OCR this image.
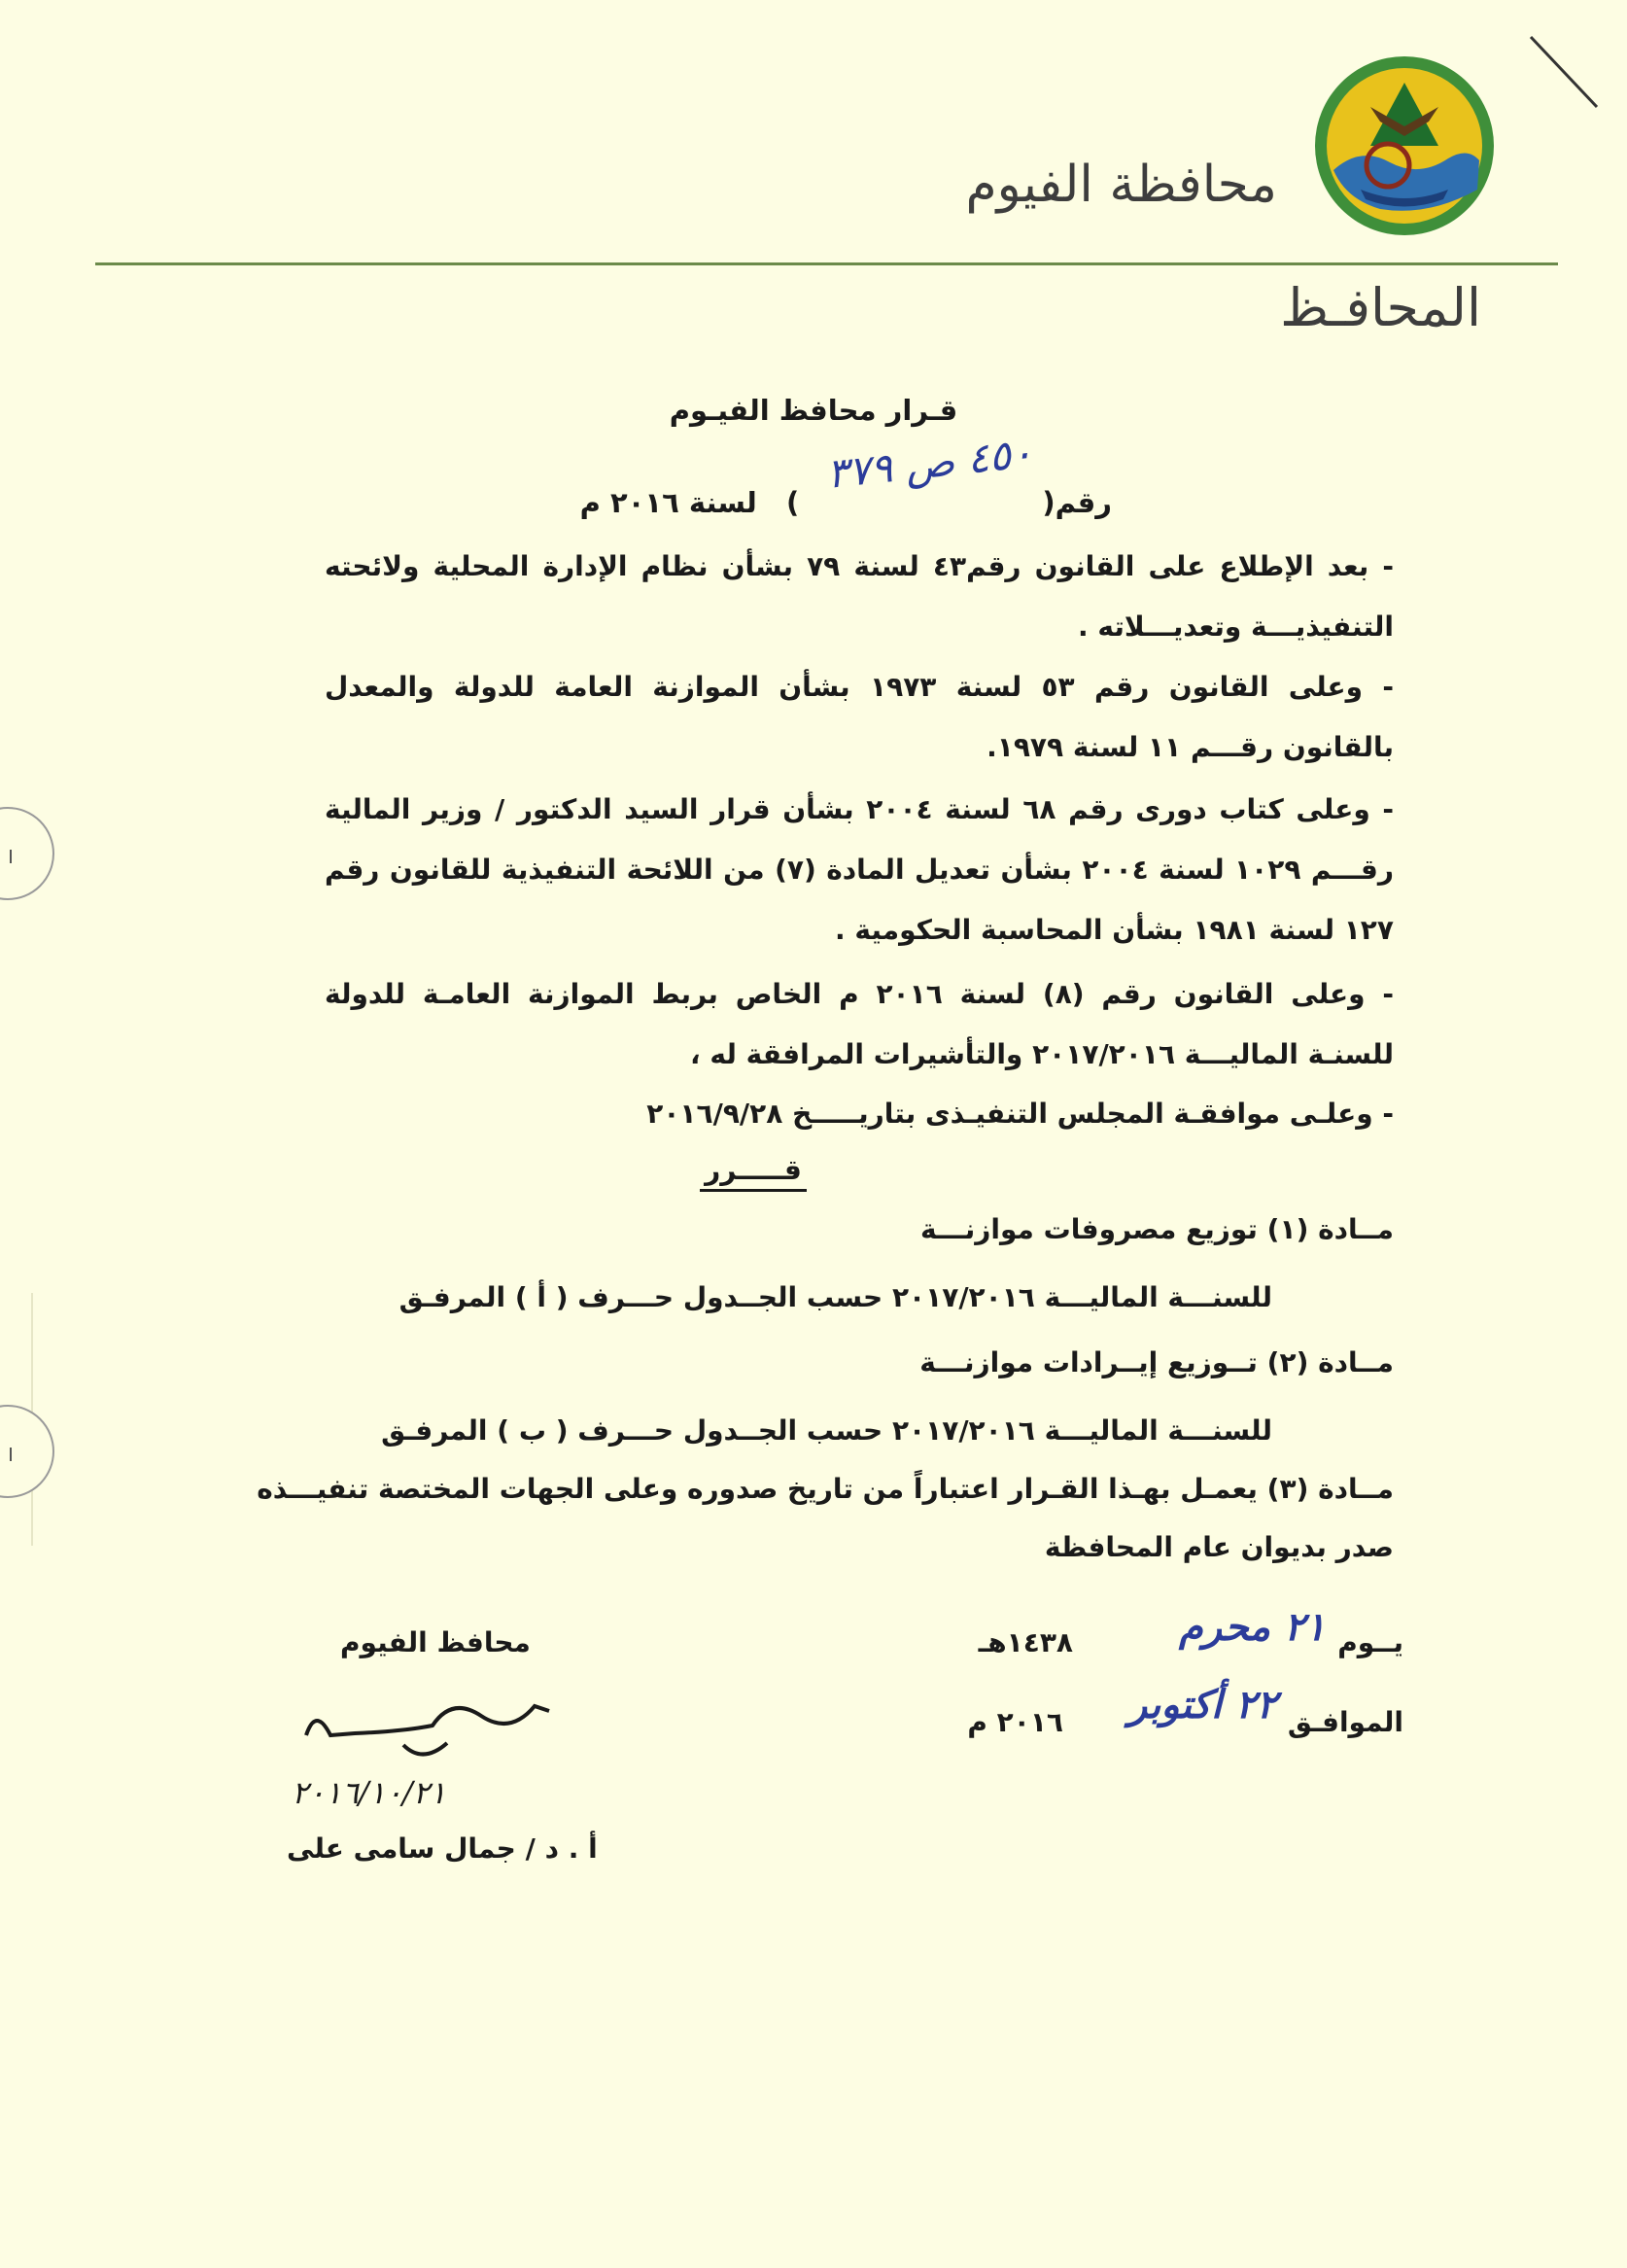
محافظة الفيوم
المحافـظ
قـرار محافظ الفيـوم
رقم()   لسنة ٢٠١٦ م
٤٥٠ ص ٣٧٩
- بعد الإطلاع على القانون رقم٤٣ لسنة ٧٩ بشأن نظام الإدارة المحلية ولائحته التنفيذيـــة وتعديـــلاته .
- وعلى القانون رقم ٥٣ لسنة ١٩٧٣ بشأن الموازنة العامة للدولة والمعدل بالقانون رقـــم ١١ لسنة ١٩٧٩.
- وعلى كتاب دورى رقم ٦٨ لسنة ٢٠٠٤ بشأن قرار السيد الدكتور / وزير المالية رقـــم ١٠٢٩ لسنة ٢٠٠٤ بشأن تعديل المادة (٧) من اللائحة التنفيذية للقانون رقم ١٢٧ لسنة ١٩٨١ بشأن المحاسبة الحكومية .
- وعلى القانون رقم (٨) لسنة ٢٠١٦ م الخاص بربط الموازنة العامـة للدولة للسنـة الماليـــة ٢٠١٧/٢٠١٦ والتأشيرات المرافقة له ،
- وعلـى موافقـة المجلس التنفيـذى بتاريـــــخ ٢٠١٦/٩/٢٨
قـــــرر
مــادة (١) توزيع مصروفات موازنـــة
للسنـــة الماليـــة ٢٠١٧/٢٠١٦ حسب الجــدول حـــرف ( أ ) المرفـق
مــادة (٢) تــوزيع إيــرادات موازنـــة
للسنـــة الماليـــة ٢٠١٧/٢٠١٦ حسب الجــدول حـــرف ( ب ) المرفـق
مــادة (٣) يعمـل بهـذا القـرار اعتباراً من تاريخ صدوره وعلى الجهات المختصة تنفيـــذه
صدر بديوان عام المحافظة
يــوم
٢١ محرم
١٤٣٨هـ
الموافـق
٢٢ أكتوبر
٢٠١٦ م
محافظ الفيوم
٢٠١٦/١٠/٢١
أ . د / جمال سامى على
